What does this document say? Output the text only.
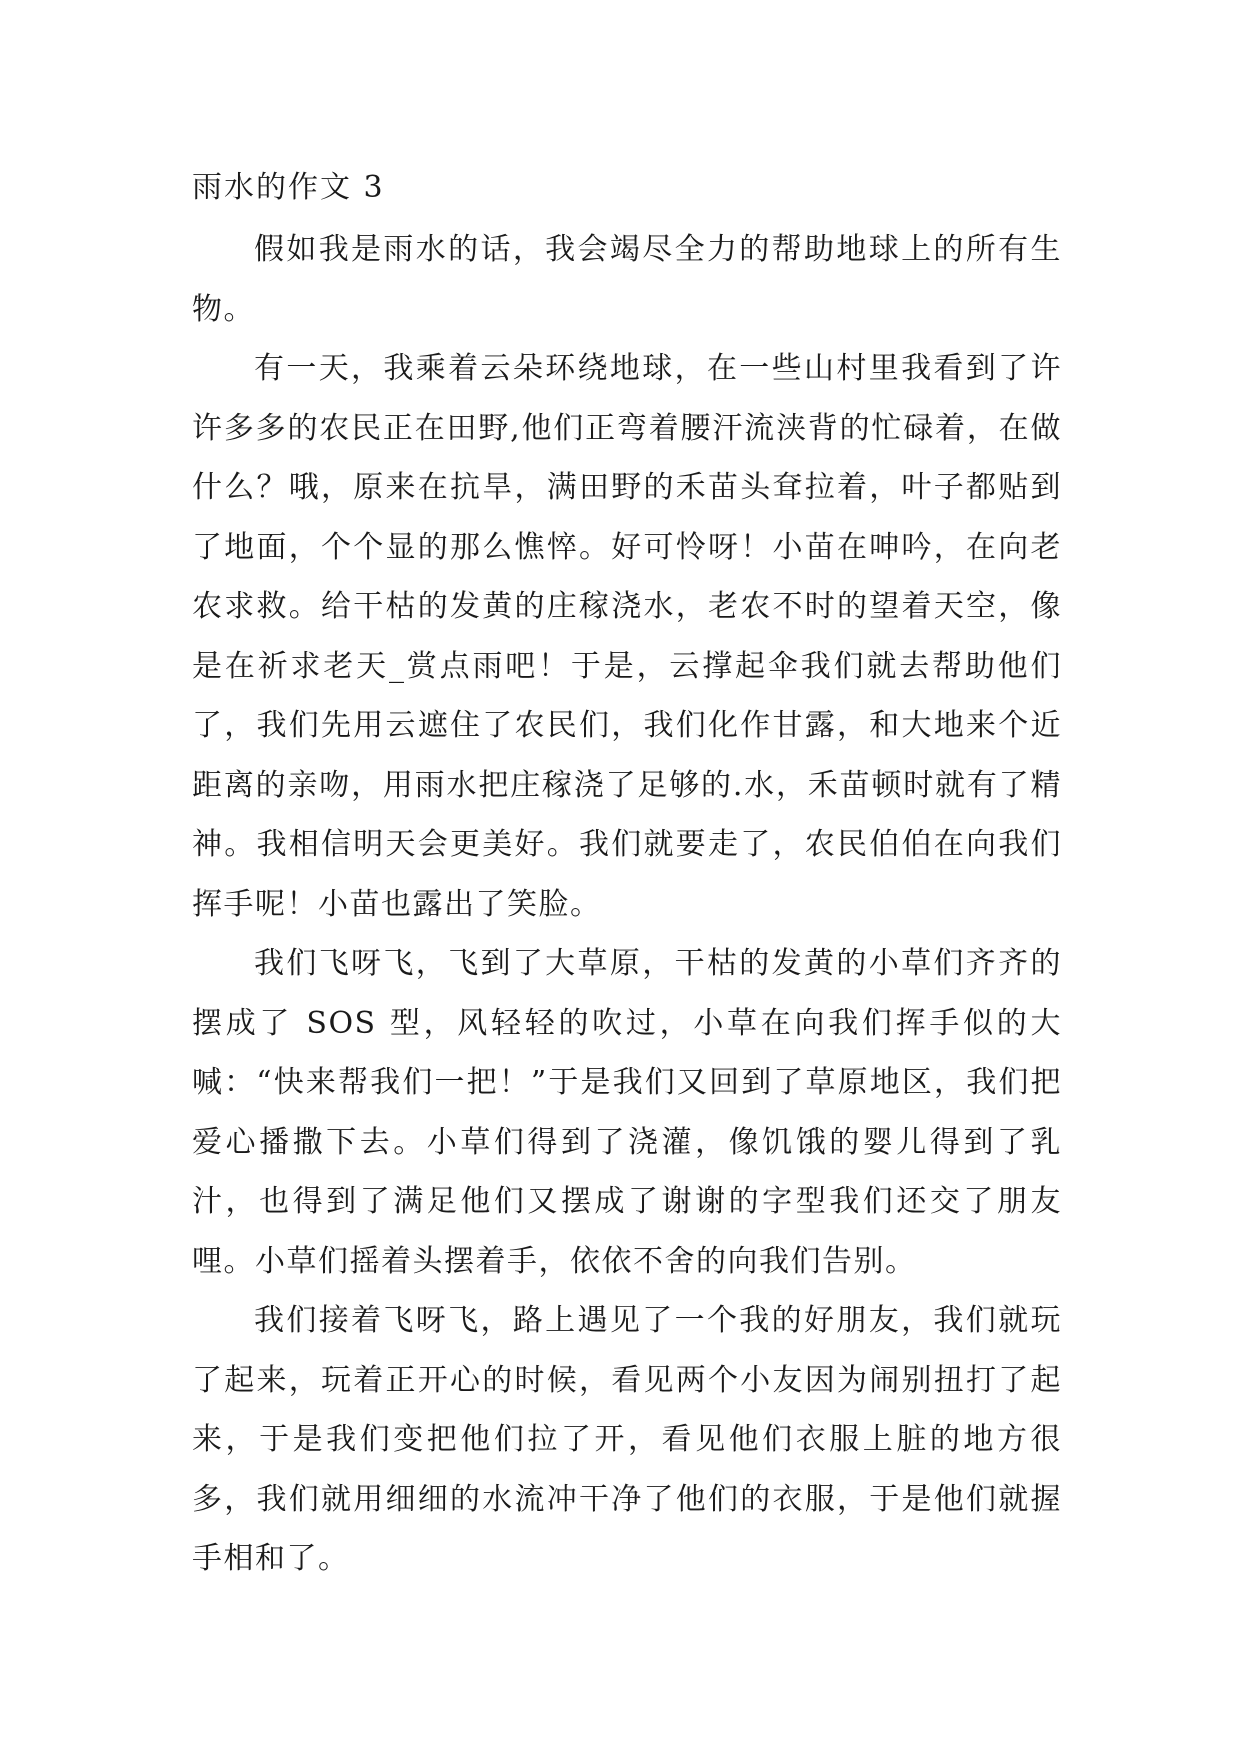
雨水的作文 3

假如我是雨水的话，我会竭尽全力的帮助地球上的所有生物。

有一天，我乘着云朵环绕地球，在一些山村里我看到了许许多多的农民正在田野,他们正弯着腰汗流浃背的忙碌着，在做什么？哦，原来在抗旱，满田野的禾苗头耷拉着，叶子都贴到了地面，个个显的那么憔悴。好可怜呀！小苗在呻吟，在向老农求救。给干枯的发黄的庄稼浇水，老农不时的望着天空，像是在祈求老天_赏点雨吧！于是，云撑起伞我们就去帮助他们了，我们先用云遮住了农民们，我们化作甘露，和大地来个近距离的亲吻，用雨水把庄稼浇了足够的.水，禾苗顿时就有了精神。我相信明天会更美好。我们就要走了，农民伯伯在向我们挥手呢！小苗也露出了笑脸。

我们飞呀飞，飞到了大草原，干枯的发黄的小草们齐齐的摆成了 SOS 型，风轻轻的吹过，小草在向我们挥手似的大喊：“快来帮我们一把！”于是我们又回到了草原地区，我们把爱心播撒下去。小草们得到了浇灌，像饥饿的婴儿得到了乳汁，也得到了满足他们又摆成了谢谢的字型我们还交了朋友哩。小草们摇着头摆着手，依依不舍的向我们告别。

我们接着飞呀飞，路上遇见了一个我的好朋友，我们就玩了起来，玩着正开心的时候，看见两个小友因为闹别扭打了起来，于是我们变把他们拉了开，看见他们衣服上脏的地方很多，我们就用细细的水流冲干净了他们的衣服，于是他们就握手相和了。
